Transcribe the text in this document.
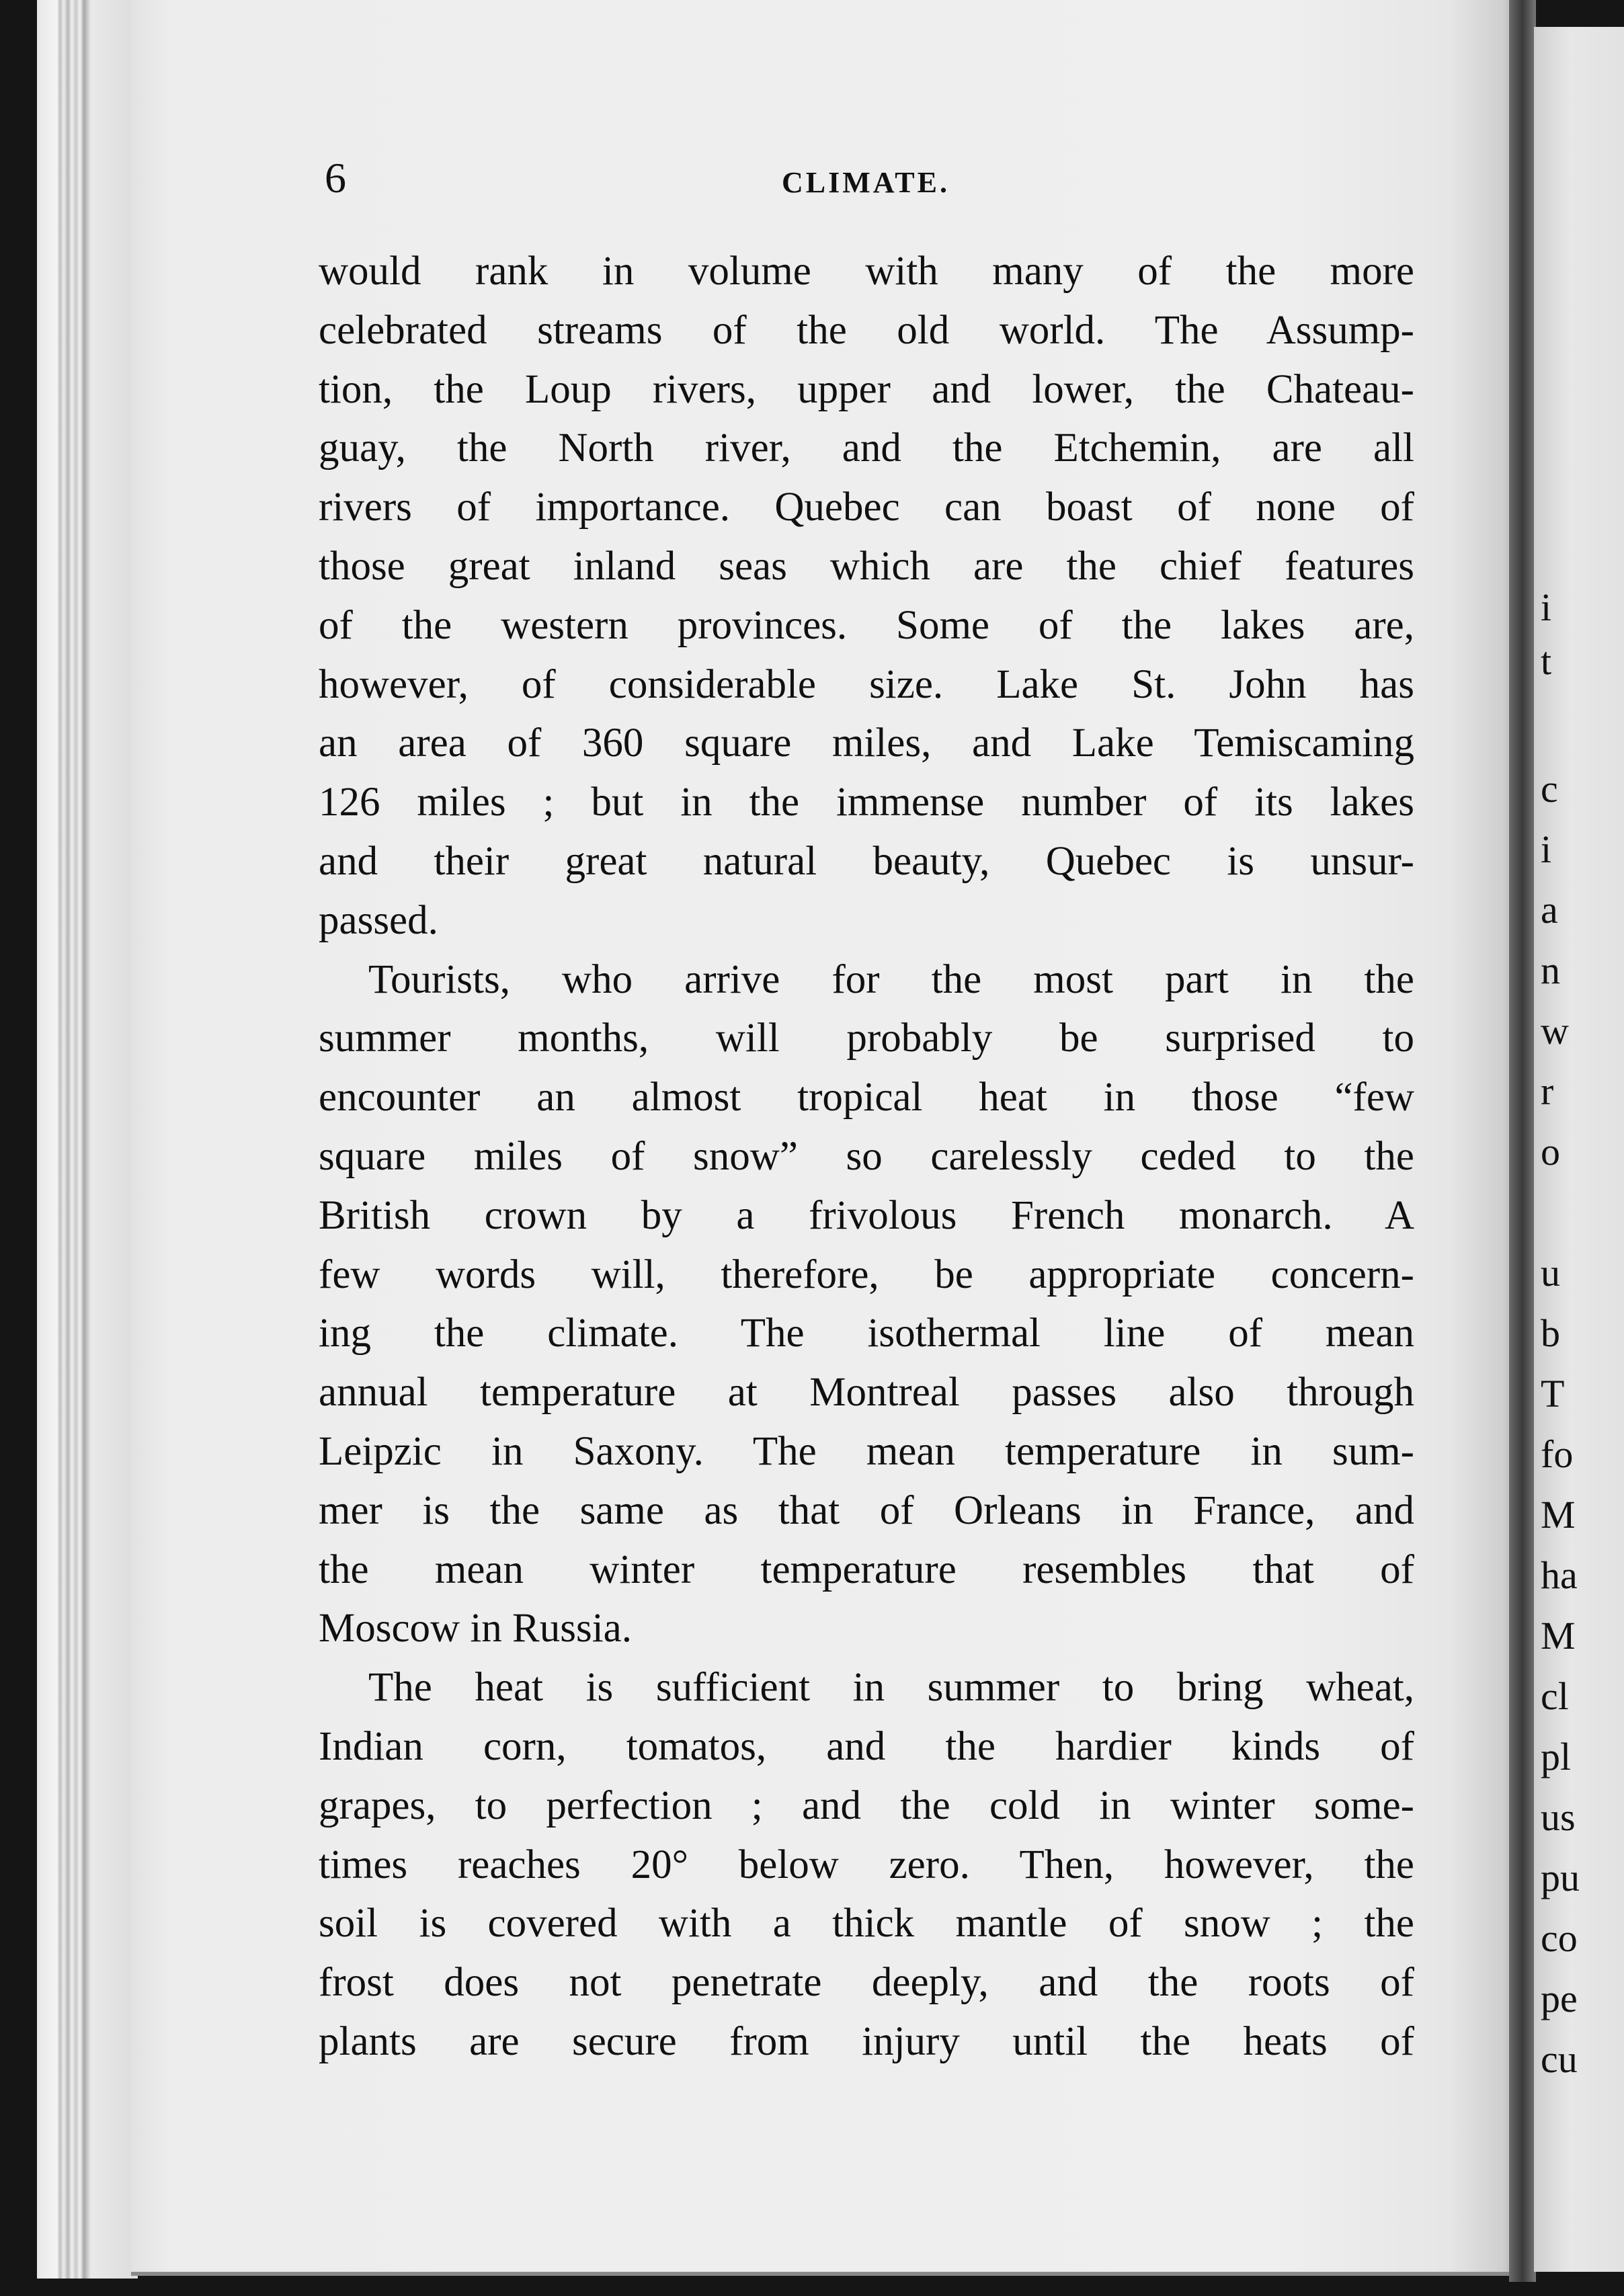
i
t
c
i
a
n
w
r
o
u
b
T
fo
M
ha
M
cl
pl
us
pu
co
pe
cu
6	CLIMATE.
would rank in volume with many of the more
celebrated streams of the old world. The Assump-
tion, the Loup rivers, upper and lower, the Chateau-
guay, the North river, and the Etchemin, are all
rivers of importance. Quebec can boast of none of
those great inland seas which are the chief features
of the western provinces. Some of the lakes are,
however, of considerable size. Lake St. John has
an area of 360 square miles, and Lake Temiscaming
126 miles ; but in the immense number of its lakes
and their great natural beauty, Quebec is unsur-
passed.
Tourists, who arrive for the most part in the
summer months, will probably be surprised to
encounter an almost tropical heat in those “few
square miles of snow” so carelessly ceded to the
British crown by a frivolous French monarch. A
few words will, therefore, be appropriate concern-
ing the climate. The isothermal line of mean
annual temperature at Montreal passes also through
Leipzic in Saxony. The mean temperature in sum-
mer is the same as that of Orleans in France, and
the mean winter temperature resembles that of
Moscow in Russia.
The heat is sufficient in summer to bring wheat,
Indian corn, tomatos, and the hardier kinds of
grapes, to perfection ; and the cold in winter some-
times reaches 20° below zero. Then, however, the
soil is covered with a thick mantle of snow ; the
frost does not penetrate deeply, and the roots of
plants are secure from injury until the heats of
